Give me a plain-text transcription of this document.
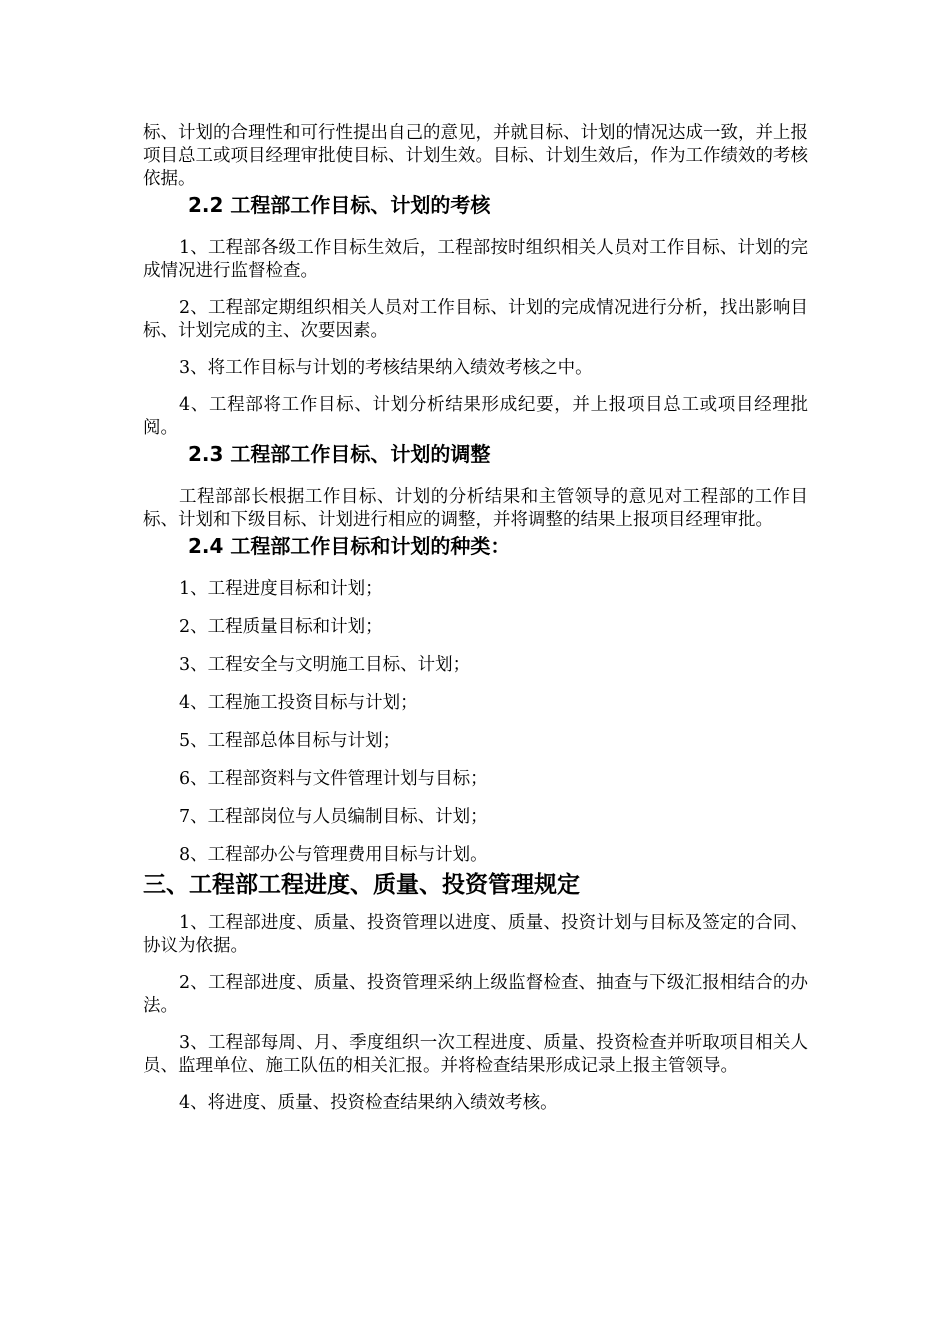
标、计划的合理性和可行性提出自己的意见，并就目标、计划的情况达成一致，并上报项目总工或项目经理审批使目标、计划生效。目标、计划生效后，作为工作绩效的考核依据。

2.2 工程部工作目标、计划的考核

1、工程部各级工作目标生效后，工程部按时组织相关人员对工作目标、计划的完成情况进行监督检查。

2、工程部定期组织相关人员对工作目标、计划的完成情况进行分析，找出影响目标、计划完成的主、次要因素。

3、将工作目标与计划的考核结果纳入绩效考核之中。

4、工程部将工作目标、计划分析结果形成纪要，并上报项目总工或项目经理批阅。

2.3 工程部工作目标、计划的调整

工程部部长根据工作目标、计划的分析结果和主管领导的意见对工程部的工作目标、计划和下级目标、计划进行相应的调整，并将调整的结果上报项目经理审批。

2.4 工程部工作目标和计划的种类：

1、工程进度目标和计划；

2、工程质量目标和计划；

3、工程安全与文明施工目标、计划；

4、工程施工投资目标与计划；

5、工程部总体目标与计划；

6、工程部资料与文件管理计划与目标；

7、工程部岗位与人员编制目标、计划；

8、工程部办公与管理费用目标与计划。

三、工程部工程进度、质量、投资管理规定

1、工程部进度、质量、投资管理以进度、质量、投资计划与目标及签定的合同、协议为依据。

2、工程部进度、质量、投资管理采纳上级监督检查、抽查与下级汇报相结合的办法。

3、工程部每周、月、季度组织一次工程进度、质量、投资检查并听取项目相关人员、监理单位、施工队伍的相关汇报。并将检查结果形成记录上报主管领导。

4、将进度、质量、投资检查结果纳入绩效考核。
